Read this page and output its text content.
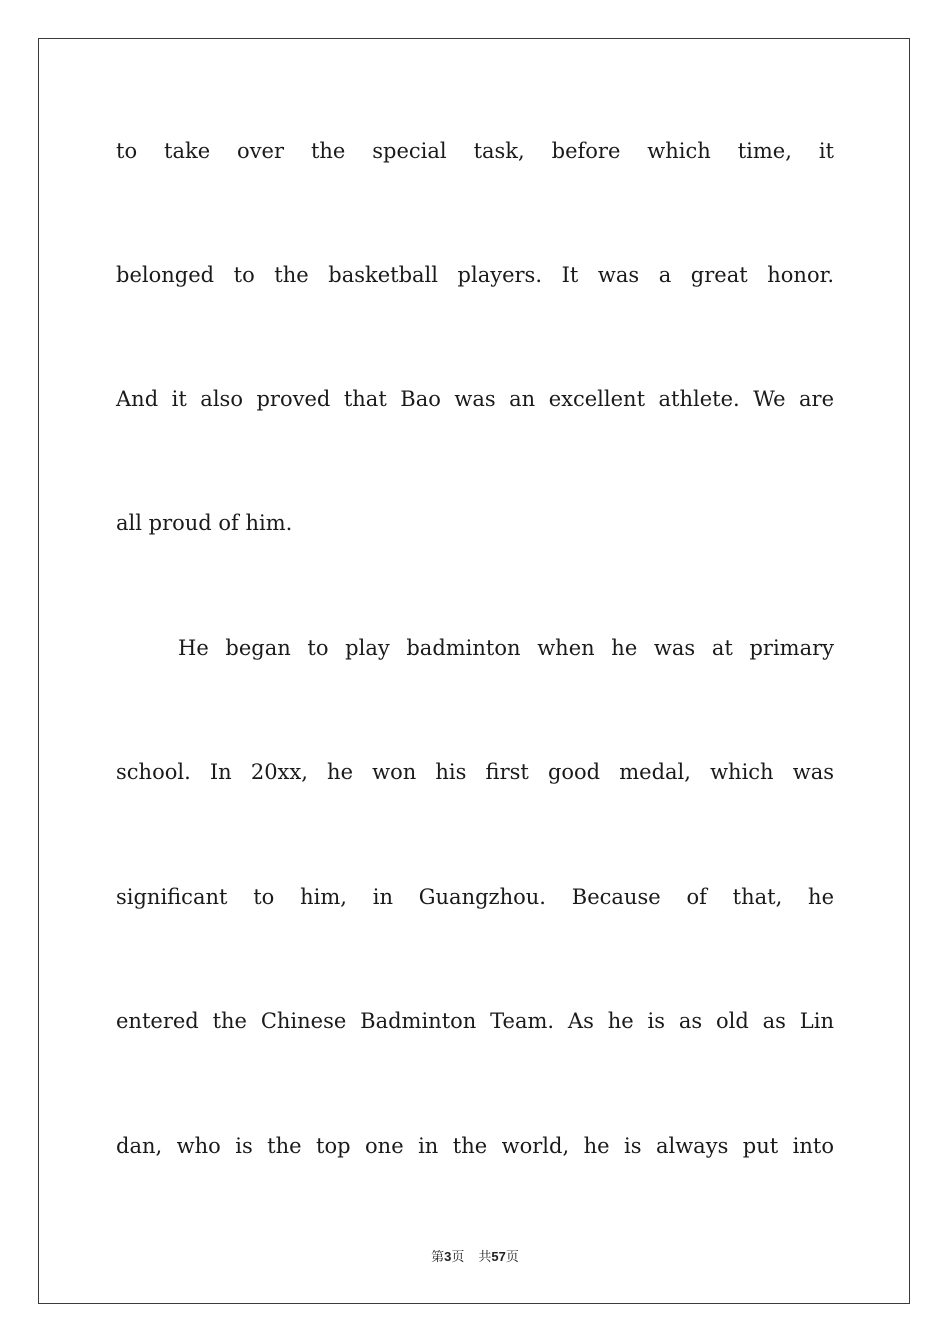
to take over the special task, before which time, it
belonged to the basketball players. It was a great honor.
And it also proved that Bao was an excellent athlete. We are
all proud of him.
He began to play badminton when he was at primary
school. In 20xx, he won his first good medal, which was
significant to him, in Guangzhou. Because of that, he
entered the Chinese Badminton Team. As he is as old as Lin
dan, who is the top one in the world, he is always put into
第3页 共57页
